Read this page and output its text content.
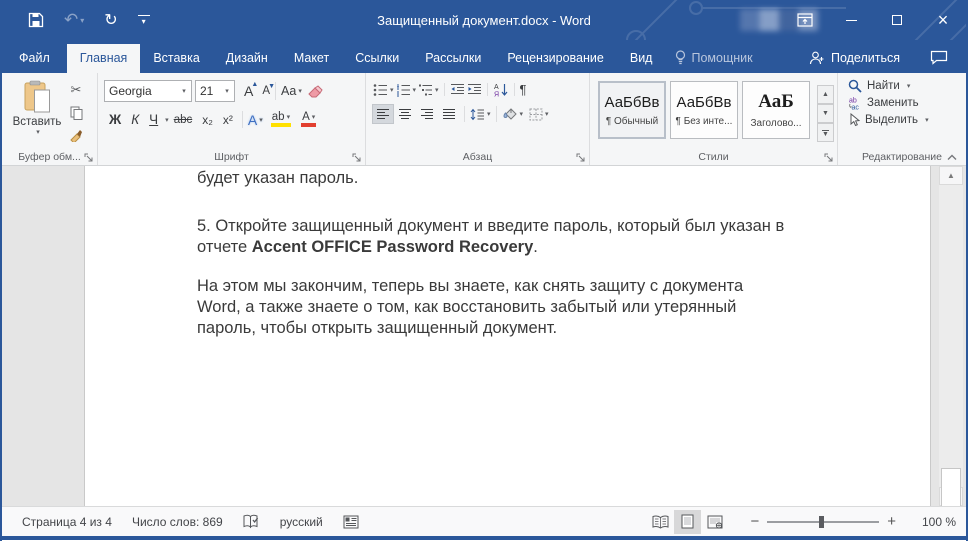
↶ ▾ ↻	▾	Защищенный документ.docx - Word	×
Файл	Главная	Вставка	Дизайн	Макет	Ссылки	Рассылки	Рецензирование	Вид	Помощник	Поделиться
Вставить
▾
✂
Буфер обм...
Georgia	▾	21	▾	A
▲
A
▼ Aa ▾
Ж К Ч ▾ abc x₂ x² А ▾ ab ▾ А ▾
Шрифт
▾	▾	▾	А
Я ¶
▾	▾	▾
Абзац
АаБбВв
¶ Обычный
АаБбВв
¶ Без инте...
АаБ
Заголово...
▲
▼
▼
Стили
Найти ▾
ab
ac Заменить
Выделить ▾
Редактирование
будет указан пароль.
5. Откройте защищенный документ и введите пароль, который был указан в
отчете Accent OFFICE Password Recovery.
На этом мы закончим, теперь вы знаете, как снять защиту с документа
Word, а также знаете о том, как восстановить забытый или утерянный
пароль, чтобы открыть защищенный документ.
▲
Страница 4 из 4 Число слов: 869	русский	−	+	100 %
